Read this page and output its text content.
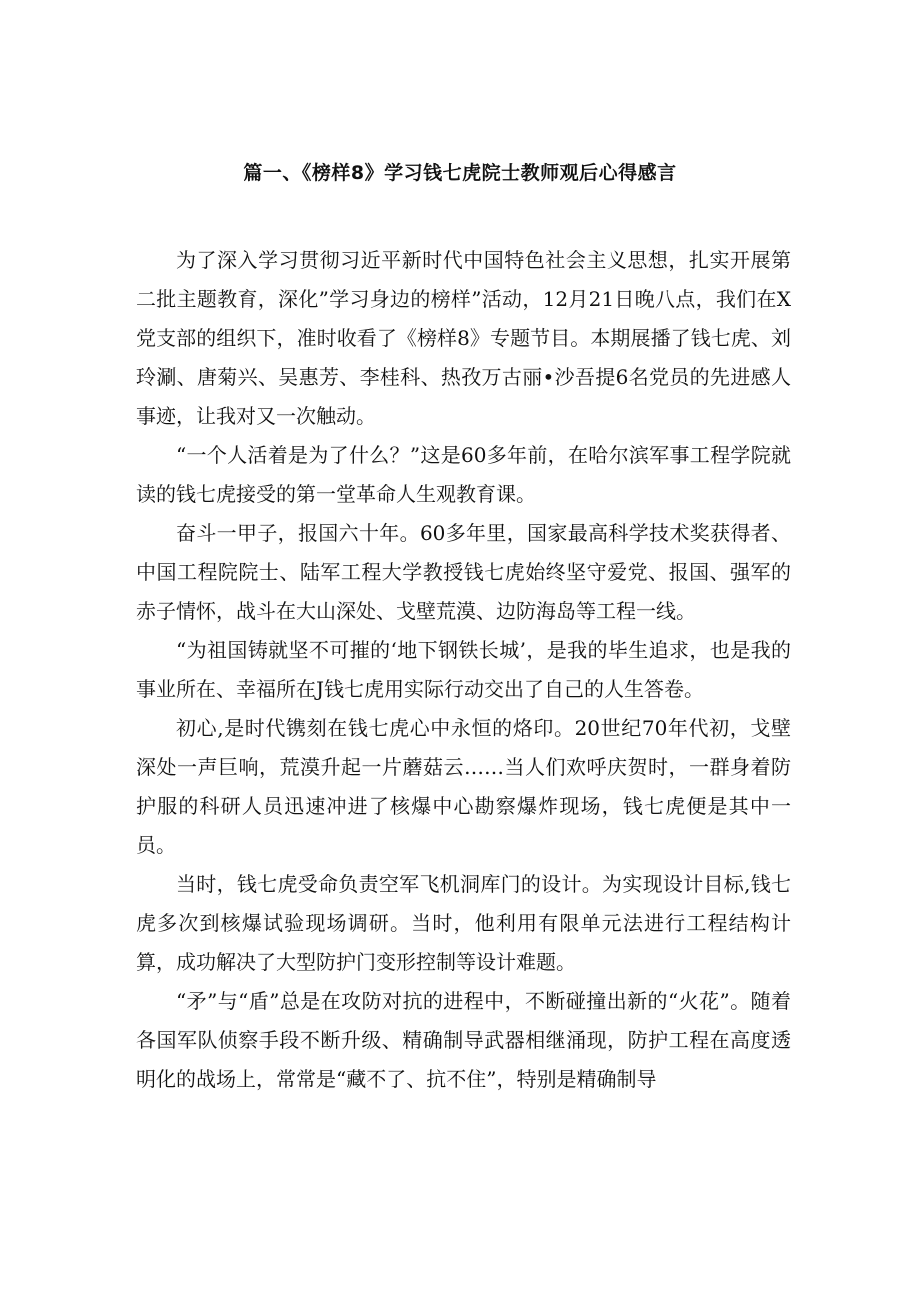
篇一、《榜样8》学习钱七虎院士教师观后心得感言

为了深入学习贯彻习近平新时代中国特色社会主义思想，扎实开展第二批主题教育，深化”学习身边的榜样”活动，12月21日晚八点，我们在X党支部的组织下，准时收看了《榜样8》专题节目。本期展播了钱七虎、刘玲涮、唐菊兴、吴惠芳、李桂科、热孜万古丽•沙吾提6名党员的先进感人事迹，让我对又一次触动。

“一个人活着是为了什么？”这是60多年前，在哈尔滨军事工程学院就读的钱七虎接受的第一堂革命人生观教育课。

奋斗一甲子，报国六十年。60多年里，国家最高科学技术奖获得者、中国工程院院士、陆军工程大学教授钱七虎始终坚守爱党、报国、强军的赤子情怀，战斗在大山深处、戈壁荒漠、边防海岛等工程一线。

“为祖国铸就坚不可摧的‘地下钢铁长城’，是我的毕生追求，也是我的事业所在、幸福所在J钱七虎用实际行动交出了自己的人生答卷。

初心,是时代镌刻在钱七虎心中永恒的烙印。20世纪70年代初，戈壁深处一声巨响，荒漠升起一片蘑菇云……当人们欢呼庆贺时，一群身着防护服的科研人员迅速冲进了核爆中心勘察爆炸现场，钱七虎便是其中一员。

当时，钱七虎受命负责空军飞机洞库门的设计。为实现设计目标,钱七虎多次到核爆试验现场调研。当时，他利用有限单元法进行工程结构计算，成功解决了大型防护门变形控制等设计难题。

“矛”与“盾”总是在攻防对抗的进程中，不断碰撞出新的“火花”。随着各国军队侦察手段不断升级、精确制导武器相继涌现，防护工程在高度透明化的战场上，常常是“藏不了、抗不住”，特别是精确制导
